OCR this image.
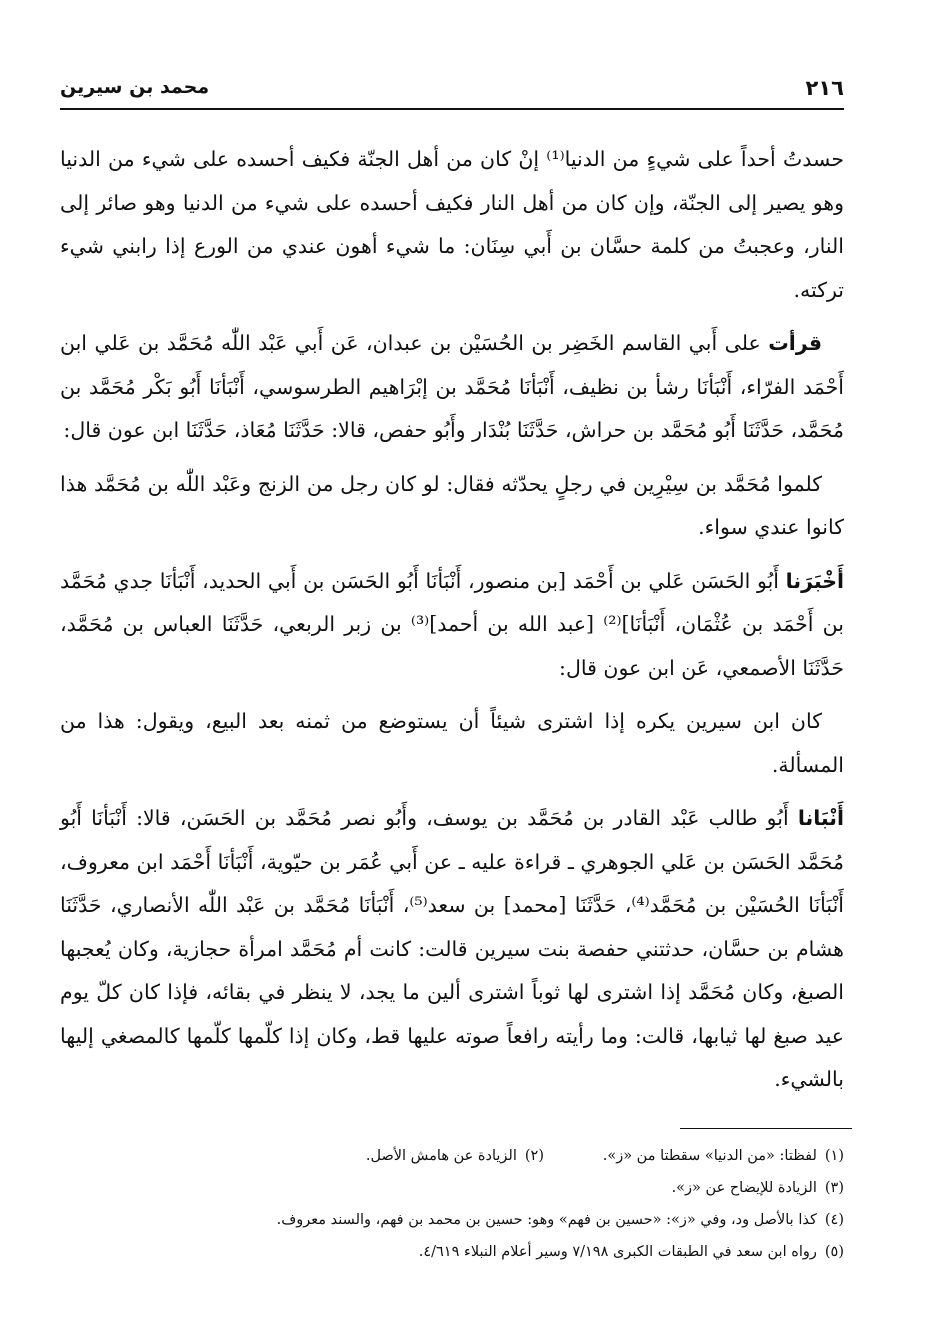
٢١٦
محمد بن سيرين

حسدتُ أحداً على شيءٍ من الدنيا⁽¹⁾ إنْ كان من أهل الجنّة فكيف أحسده على شيء من الدنيا وهو يصير إلى الجنّة، وإن كان من أهل النار فكيف أحسده على شيء من الدنيا وهو صائر إلى النار، وعجبتُ من كلمة حسَّان بن أَبي سِنَان: ما شيء أهون عندي من الورع إذا رابني شيء تركته.

قرأت على أَبي القاسم الخَضِر بن الحُسَيْن بن عبدان، عَن أَبي عَبْد اللّٰه مُحَمَّد بن عَلي ابن أَحْمَد الفرّاء، أَنْبَأنَا رشأ بن نظيف، أَنْبَأنَا مُحَمَّد بن إبْرَاهيم الطرسوسي، أَنْبَأنَا أَبُو بَكْر مُحَمَّد بن مُحَمَّد، حَدَّثَنَا أَبُو مُحَمَّد بن حراش، حَدَّثَنَا بُنْدَار وأَبُو حفص، قالا: حَدَّثَنَا مُعَاذ، حَدَّثَنَا ابن عون قال:

كلموا مُحَمَّد بن سِيْرِين في رجلٍ يحدّثه فقال: لو كان رجل من الزنج وعَبْد اللّٰه بن مُحَمَّد هذا كانوا عندي سواء.

أَخْبَرَنا أَبُو الحَسَن عَلي بن أَحْمَد [بن منصور، أَنْبَأنَا أَبُو الحَسَن بن أَبي الحديد، أَنْبَأنَا جدي مُحَمَّد بن أَحْمَد بن عُثْمَان، أَنْبَأنَا]⁽²⁾ [عبد الله بن أحمد]⁽³⁾ بن زبر الربعي، حَدَّثَنَا العباس بن مُحَمَّد، حَدَّثَنَا الأصمعي، عَن ابن عون قال:

كان ابن سيرين يكره إذا اشترى شيئاً أن يستوضع من ثمنه بعد البيع، ويقول: هذا من المسألة.

أَنْبَانا أَبُو طالب عَبْد القادر بن مُحَمَّد بن يوسف، وأَبُو نصر مُحَمَّد بن الحَسَن، قالا: أَنْبَأنَا أَبُو مُحَمَّد الحَسَن بن عَلي الجوهري ـ قراءة عليه ـ عن أَبي عُمَر بن حيّوية، أَنْبَأنَا أَحْمَد ابن معروف، أَنْبَأنَا الحُسَيْن بن مُحَمَّد⁽⁴⁾، حَدَّثَنَا [محمد] بن سعد⁽⁵⁾، أَنْبَأنَا مُحَمَّد بن عَبْد اللّٰه الأنصاري، حَدَّثَنَا هشام بن حسَّان، حدثتني حفصة بنت سيرين قالت: كانت أم مُحَمَّد امرأة حجازية، وكان يُعجبها الصبغ، وكان مُحَمَّد إذا اشترى لها ثوباً اشترى ألين ما يجد، لا ينظر في بقائه، فإذا كان كلّ يوم عيد صبغ لها ثيابها، قالت: وما رأيته رافعاً صوته عليها قط، وكان إذا كلّمها كلّمها كالمصغي إليها بالشيء.

(١)لفظتا: «من الدنيا» سقطتا من «ز».
(٢)الزيادة عن هامش الأصل.
(٣)الزيادة للإيضاح عن «ز».
(٤)كذا بالأصل ود، وفي «ز»: «حسين بن فهم» وهو: حسين بن محمد بن فهم، والسند معروف.
(٥)رواه ابن سعد في الطبقات الكبرى ٧/١٩٨ وسير أعلام النبلاء ٤/٦١٩.
